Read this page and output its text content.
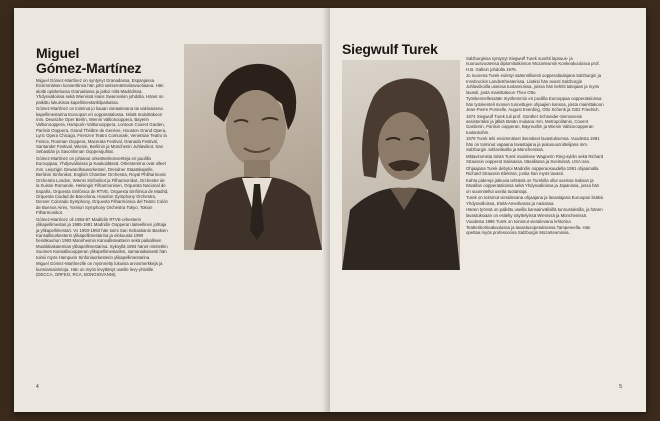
Miguel
Gómez-Martínez

Miguel Gómez-Martínez on syntynyt Granadassa, Espanjassa. Ensimmäisen konserttinsa hän johti seitsemäntoistavuotiaana. Hän aloitti opiskelunsa Granadassa ja jatkoi niitä Madridissa. Yhdysvalloissa sekä Wienissä Hans Swarovskin johdolla. Hänet on palkittu lukuisissa kapellimestarikilpailuissa.

Gómez-Martínez on toiminut jo kauan vieraalevana tai vakinaisena kapellimestarina Euroopan eri oopperatalossa. Niistä mainittakoon mm. Deutsche Oper Berlin, Wienin Valtionooppera, Bayerin Valtionooppera, Hampurin Valtionooppera, Lontoon Covent Garden, Pariisin Ooppera, Grand Théâtre de Genève, Houston Grand Opera, Lyric Opera Chicago, Firenzen Teatro Comunale, Venetsian Teatro la Fenice, Rooman Ooppera, Macerata Festival, Granada Festival, Santander Festival, Wienin, Berliinin ja Münchenin Juhlaviikot, San Sebastián ja Savonlinnan Oopperajuhlat.

Gómez-Martínez on johtanut orkestterikonsertteja eri puolilla Eurooppaa, Yhdysvalloissa ja Kaukoidässä. Orkestereina ovat olleet mm. Leipzigin Gewandhausorkesteri, Dresdner Staatskapelle, Berliinin Sinfonikot, English Chamber Orchestra, Royal Philharmonic Orchestra London, Wienin Sinfonikot ja Filharmonikot, Orchestre de la Suisse Romande, Helsingin Filharmoninen, Orquesta Nacional de España, Orquesta Sinfónica de RTVE, Orquesta Sinfónica de Madrid, Orquesta Ciudad de Barcelona, Houston Symphony Orchestra, Denver Colorado Symphony, Orquesta Filharmónica del Teatro Colón de Buenos Aires, Yomiuri Symphony Orchestra Tokyo, Tokion Filharmonikot.

Gómez-Martínez oli 1984-87 Madridin RTVE-orkesterin ylikapellimestari ja 1985-1991 Madridin Oopperan taiteellinen johtaja ja ylikapellimestari. Vv 1993-1993 hän toimi San Sebastianin Baskien Kansallisorkesterin ylikapellimestarina ja elokuusta 1990 heinäkuuhun 1993 Mannheimin Kansallisteatterin sekä paikallisen Musiikkiakatemian ylikapellimestarina. Syksyllä 1993 hänet nimitettiin Suomen Kansallisoopperan ylikapellimestariksi, samanaikaisesti hän toimii myös Hampurin Sinfoniaorkesterin ylikapellimestarina.

Miguel Gómez-Martínezlle on myönnetty lukuisia arvosmerkkejä ja kunniamainintoja. Hän on myös levyttänyt useille levy-yhtiöille (DECCA, ORFEO, RCA, BONGIOVANNI).

4
Siegwulf Turek

Salzburgissa syntynyt Siegwulf Turek suoritti lapsuus- ja nuoruusvuotensa diplomitutkinnon Mozarteumin Konkeakoulussa prof. H.B. Gallein johdolla 1976.

Jo nuorena Turek esiintyi säännöllisesti oopperalaulajana Salzburgin ja Innsbruckin Landestheaterissa. Lisäksi hän avusti Salzburgin Juhlaviikoilla useissa tuotannoissa, joissa hän kehitti taitojaan ja myös lavasti, josta mainittakoon Theo Otto.

Työskennellessään myöhemmin eri puolilla Eurooppaa oopperataloissa hän työskenteli monien tunnettujen ohjaajien kanssa, joista mainittakoon Jean-Pierre Ponnelle, August Everding, Otto Schenk ja Götz Friedrich.

1974 Siegwulf Turek tuli prof. Günther Schneider-Siemssenin assistentiksi ja jälkiä tämän mukana mm. Metropolitanin, Covent Gardenin, Pariisin oopperan, Bayreuthin ja Wienin Valtionoopperan tuotantoihin.

1979 Turek teki ensimmäiset itsenäiset lavastuksensa. Vuodesta 1981 hän on toiminut vapaana lavastajana ja pukusuunnittelijana mm. Salzburgin Juhlaviikoilla ja Münchenissä.

Mittavimmista töistä Turek mainitsee Wagnerin Ring-syklin sekä Richard Straussin oopperat Saksassa, Itävallassa ja Sveitsissä, USA:ssa.

Ohjaajana Turek debytoi Madridin oopperaosuudella 1991 ohjaamalla Richard Straussin Elektran, jonka hän myös lavasti.

Kahta pidempi jatkuvia tehtäviä on Turekilla ollut useissa Saksan ja Itävallan oopperataloissa sekä Yhdysvalloissa ja Japanissa, jossa hän on suunnitellut useita tuotantoja.

Turek on toiminut vierailevana ohjaajana ja lavastajana Euroopan lisäksi Yhdysvalloissa, Etelä-Amerikassa ja Aasiassa.

Hänen työnsä on palkittu useilla kansainvälisillä tunnustuksilla, ja hänen lavastuksiaan on esitelty näyttelyissä Wienissä ja Münchenissä.

Vuodesta 1996 Turek on toiminut vierailevana lehtorina Teatterikorkeakoulussa ja lavastusopetuksessa Tampereella. Hän opettaa myös professorina Salzburgin Mozarteumissa.

5
